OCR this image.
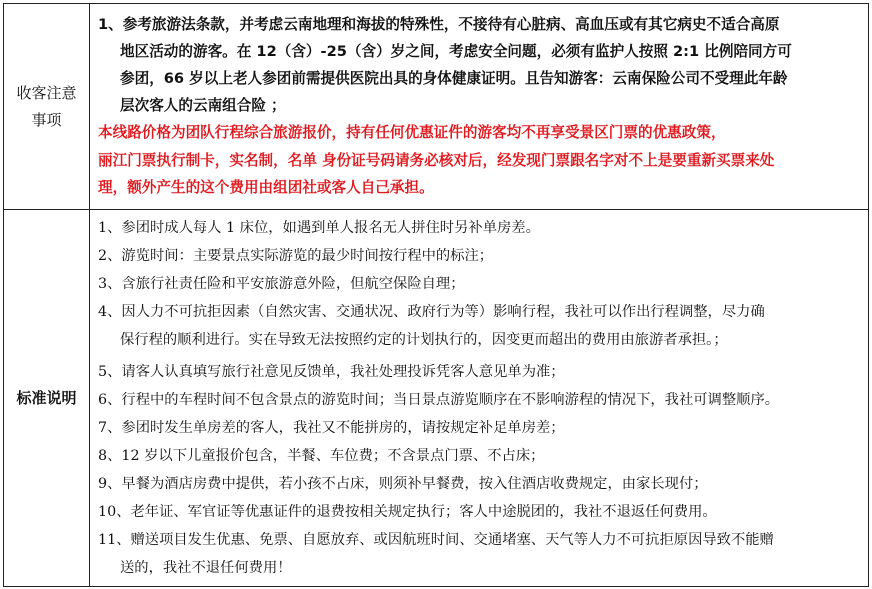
收客注意
事项
1、参考旅游法条款，并考虑云南地理和海拔的特殊性，不接待有心脏病、高血压或有其它病史不适合高原
地区活动的游客。在 12（含）-25（含）岁之间，考虑安全问题，必须有监护人按照 2:1 比例陪同方可
参团，66 岁以上老人参团前需提供医院出具的身体健康证明。且告知游客：云南保险公司不受理此年龄
层次客人的云南组合险 ；
本线路价格为团队行程综合旅游报价，持有任何优惠证件的游客均不再享受景区门票的优惠政策，
丽江门票执行制卡，实名制，名单 身份证号码请务必核对后，经发现门票跟名字对不上是要重新买票来处
理，额外产生的这个费用由组团社或客人自己承担。
标准说明
1、参团时成人每人 1 床位，如遇到单人报名无人拼住时另补单房差。
2、游览时间：主要景点实际游览的最少时间按行程中的标注；
3、含旅行社责任险和平安旅游意外险，但航空保险自理；
4、因人力不可抗拒因素（自然灾害、交通状况、政府行为等）影响行程，我社可以作出行程调整，尽力确
保行程的顺利进行。实在导致无法按照约定的计划执行的，因变更而超出的费用由旅游者承担。；
5、请客人认真填写旅行社意见反馈单，我社处理投诉凭客人意见单为准；
6、行程中的车程时间不包含景点的游览时间；当日景点游览顺序在不影响游程的情况下，我社可调整顺序。
7、参团时发生单房差的客人，我社又不能拼房的，请按规定补足单房差；
8、12 岁以下儿童报价包含，半餐、车位费；不含景点门票、不占床；
9、早餐为酒店房费中提供，若小孩不占床，则须补早餐费，按入住酒店收费规定，由家长现付；
10、老年证、军官证等优惠证件的退费按相关规定执行；客人中途脱团的，我社不退返任何费用。
11、赠送项目发生优惠、免票、自愿放弃、或因航班时间、交通堵塞、天气等人力不可抗拒原因导致不能赠
送的，我社不退任何费用！
